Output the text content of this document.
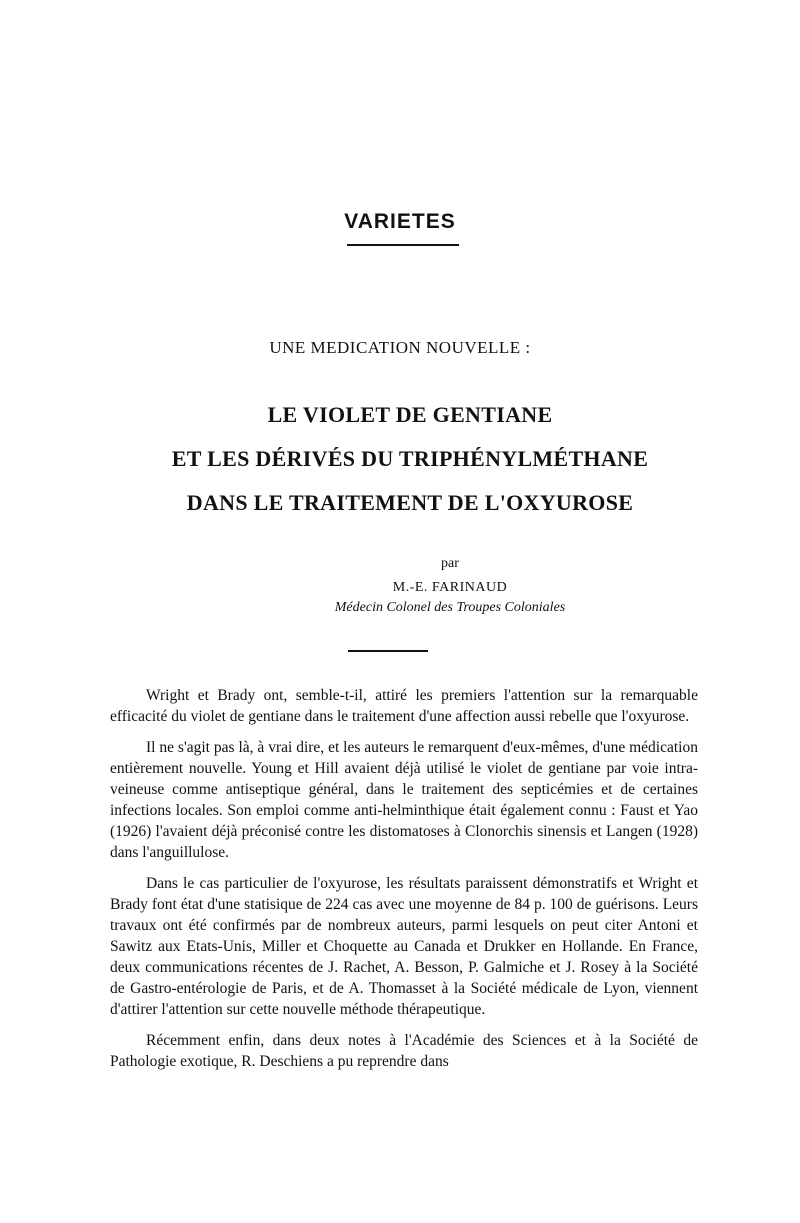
VARIETES
UNE MEDICATION NOUVELLE :
LE VIOLET DE GENTIANE
ET LES DÉRIVÉS DU TRIPHÉNYLMÉTHANE
DANS LE TRAITEMENT DE L'OXYUROSE
par
M.-E. FARINAUD
Médecin Colonel des Troupes Coloniales

Wright et Brady ont, semble-t-il, attiré les premiers l'attention sur la remarquable efficacité du violet de gentiane dans le traitement d'une affection aussi rebelle que l'oxyurose.

Il ne s'agit pas là, à vrai dire, et les auteurs le remarquent d'eux-mêmes, d'une médication entièrement nouvelle. Young et Hill avaient déjà utilisé le violet de gentiane par voie intra-veineuse comme antiseptique général, dans le traitement des septicémies et de certaines infections locales. Son emploi comme anti-helminthique était également connu : Faust et Yao (1926) l'avaient déjà préconisé contre les distomatoses à Clonorchis sinensis et Langen (1928) dans l'anguillulose.

Dans le cas particulier de l'oxyurose, les résultats paraissent démonstratifs et Wright et Brady font état d'une statisique de 224 cas avec une moyenne de 84 p. 100 de guérisons. Leurs travaux ont été confirmés par de nombreux auteurs, parmi lesquels on peut citer Antoni et Sawitz aux Etats-Unis, Miller et Choquette au Canada et Drukker en Hollande. En France, deux communications récentes de J. Rachet, A. Besson, P. Galmiche et J. Rosey à la Société de Gastro-entérologie de Paris, et de A. Thomasset à la Société médicale de Lyon, viennent d'attirer l'attention sur cette nouvelle méthode thérapeutique.

Récemment enfin, dans deux notes à l'Académie des Sciences et à la Société de Pathologie exotique, R. Deschiens a pu reprendre dans
